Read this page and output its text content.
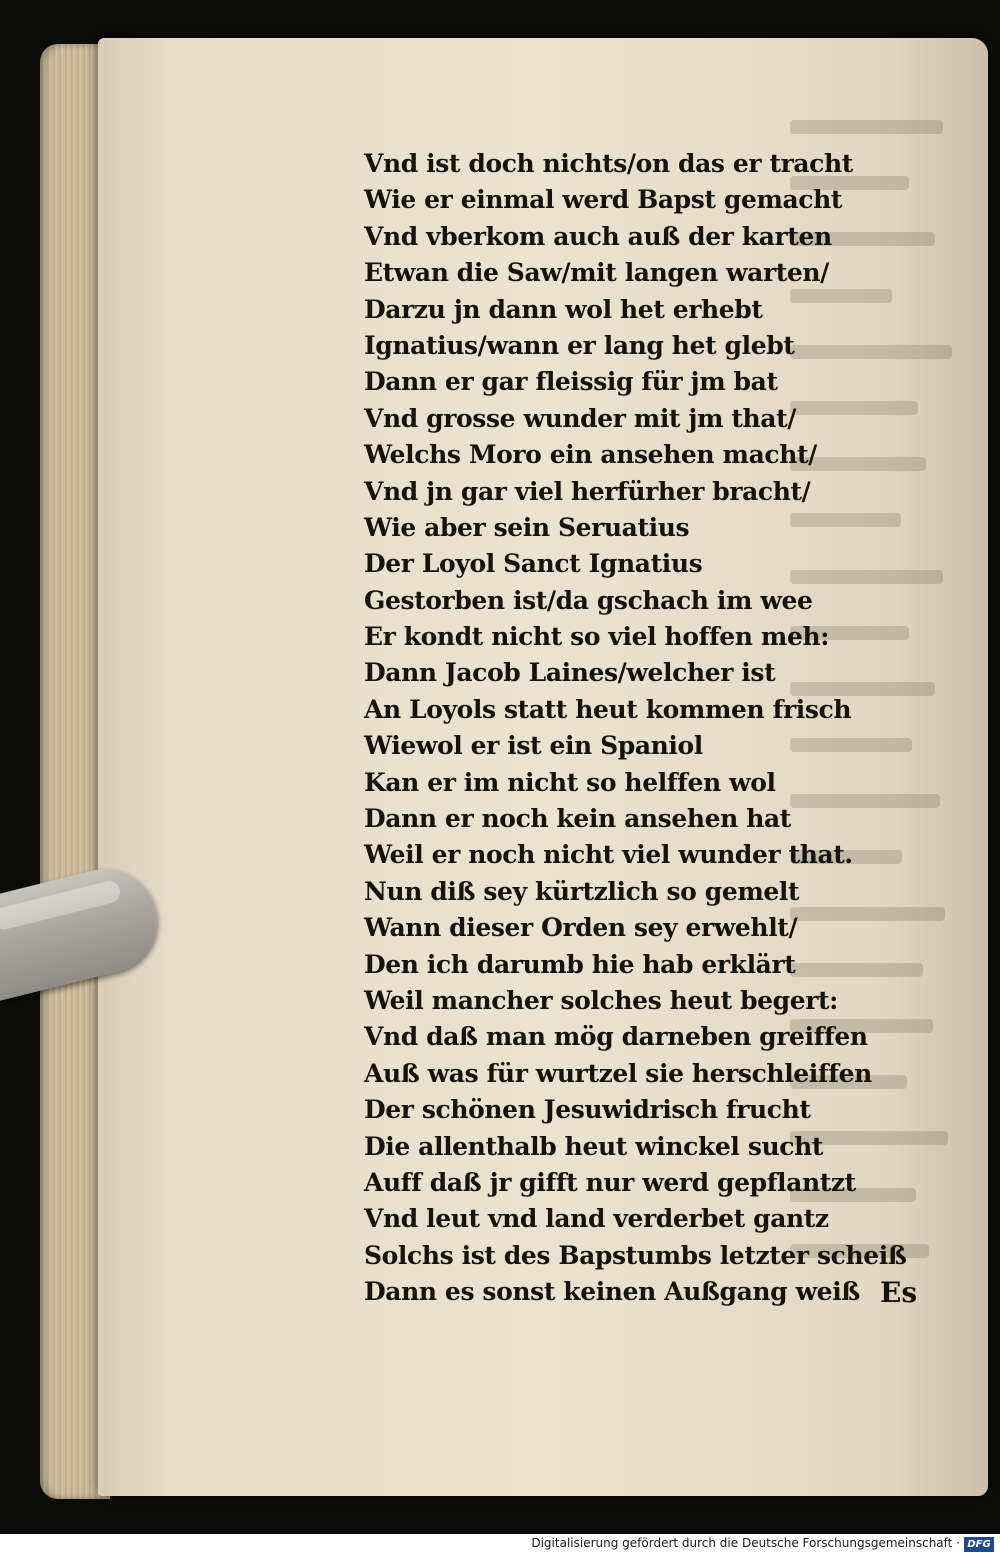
Vnd ist doch nichts/on das er tracht
Wie er einmal werd Bapst gemacht
Vnd vberkom auch auß der karten
Etwan die Saw/mit langen warten/
Darzu jn dann wol het erhebt
Ignatius/wann er lang het glebt
Dann er gar fleissig für jm bat
Vnd grosse wunder mit jm that/
Welchs Moro ein ansehen macht/
Vnd jn gar viel herfürher bracht/
Wie aber sein Seruatius
Der Loyol Sanct Ignatius
Gestorben ist/da gschach im wee
Er kondt nicht so viel hoffen meh:
Dann Jacob Laines/welcher ist
An Loyols statt heut kommen frisch
Wiewol er ist ein Spaniol
Kan er im nicht so helffen wol
Dann er noch kein ansehen hat
Weil er noch nicht viel wunder that.
Nun diß sey kürtzlich so gemelt
Wann dieser Orden sey erwehlt/
Den ich darumb hie hab erklärt
Weil mancher solches heut begert:
Vnd daß man mög darneben greiffen
Auß was für wurtzel sie herschleiffen
Der schönen Jesuwidrisch frucht
Die allenthalb heut winckel sucht
Auff daß jr gifft nur werd gepflantzt
Vnd leut vnd land verderbet gantz
Solchs ist des Bapstumbs letzter scheiß
Dann es sonst keinen Außgang weiß Es
Digitalisierung gefördert durch die Deutsche Forschungsgemeinschaft · DFG
